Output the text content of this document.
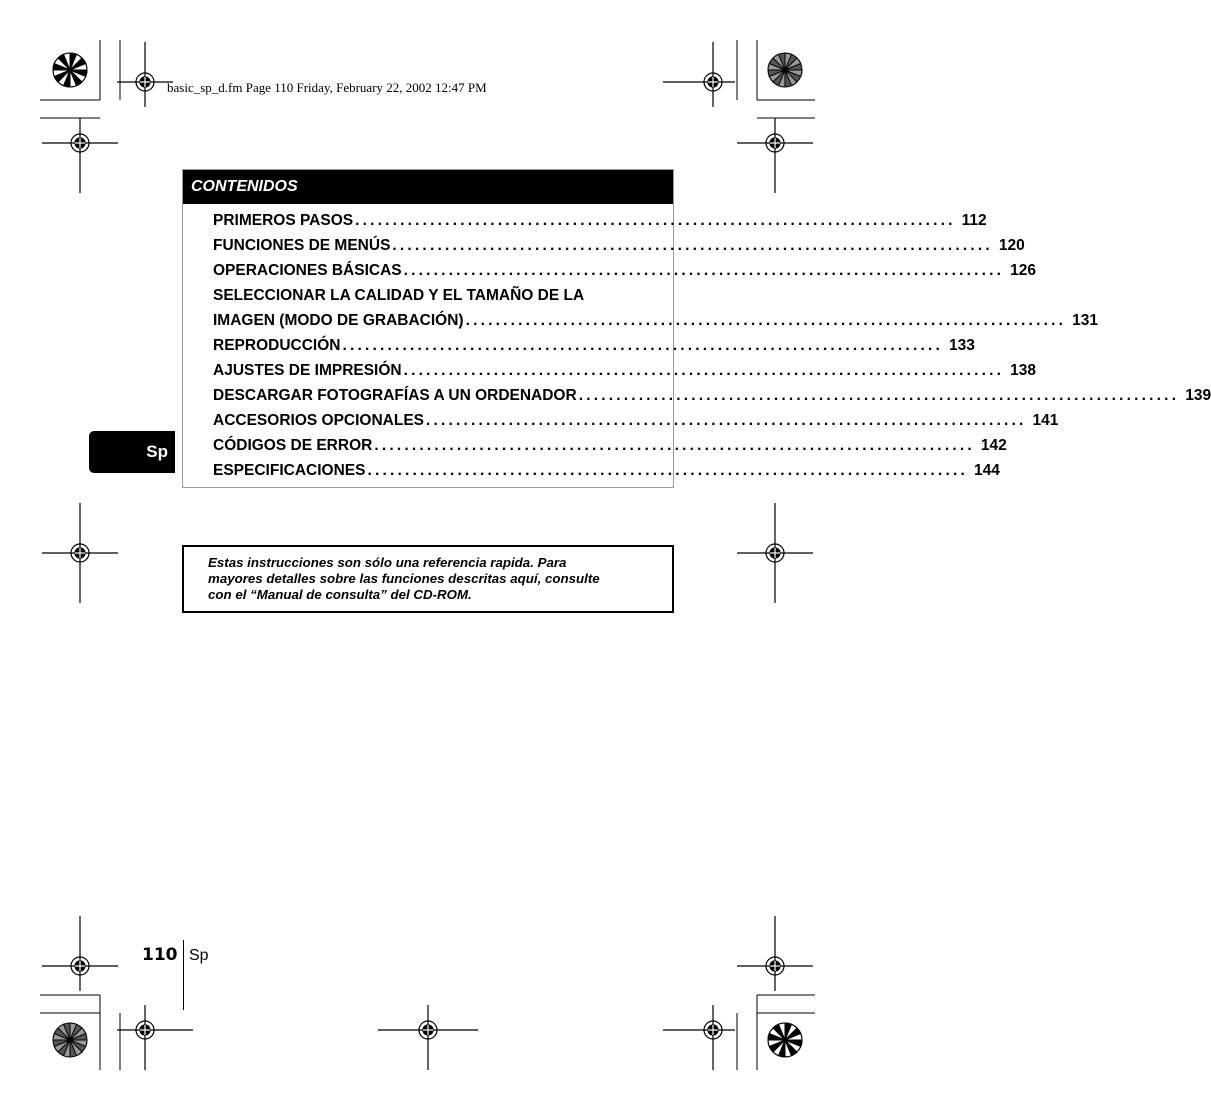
basic_sp_d.fm Page 110 Friday, February 22, 2002 12:47 PM
CONTENIDOS
PRIMEROS PASOS ................................................................................ 112
FUNCIONES DE MENÚS ................................................................................ 120
OPERACIONES BÁSICAS ................................................................................ 126
SELECCIONAR LA CALIDAD Y EL TAMAÑO DE LA
IMAGEN (MODO DE GRABACIÓN) ................................................................................ 131
REPRODUCCIÓN ................................................................................ 133
AJUSTES DE IMPRESIÓN ................................................................................ 138
DESCARGAR FOTOGRAFÍAS A UN ORDENADOR ................................................................................ 139
ACCESORIOS OPCIONALES ................................................................................ 141
CÓDIGOS DE ERROR ................................................................................ 142
ESPECIFICACIONES ................................................................................ 144
Sp
Estas instrucciones son sólo una referencia rapida. Para
mayores detalles sobre las funciones descritas aquí, consulte
con el “Manual de consulta” del CD-ROM.
110 Sp
